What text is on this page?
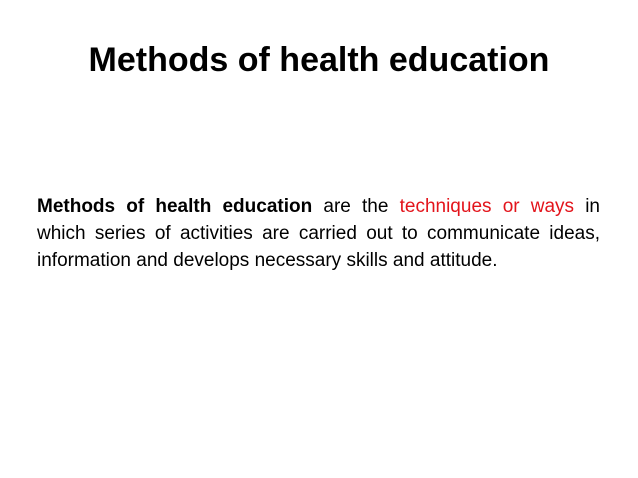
Methods of health education

Methods of health education are the techniques or ways in which series of activities are carried out to communicate ideas, information and develops necessary skills and attitude.
